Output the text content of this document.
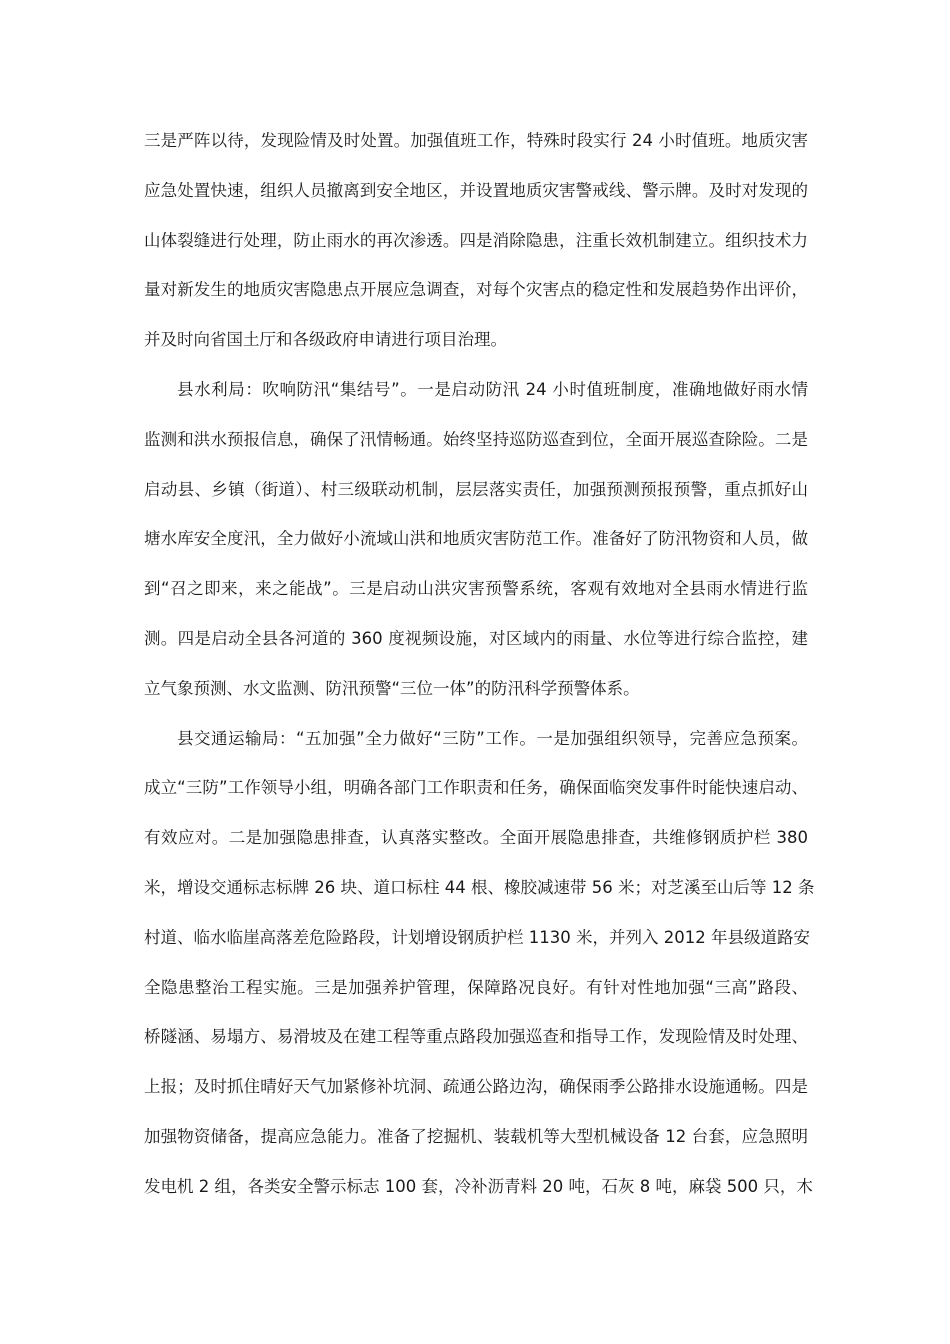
三是严阵以待，发现险情及时处置。加强值班工作，特殊时段实行 24 小时值班。地质灾害
应急处置快速，组织人员撤离到安全地区，并设置地质灾害警戒线、警示牌。及时对发现的
山体裂缝进行处理，防止雨水的再次渗透。四是消除隐患，注重长效机制建立。组织技术力
量对新发生的地质灾害隐患点开展应急调查，对每个灾害点的稳定性和发展趋势作出评价，
并及时向省国土厅和各级政府申请进行项目治理。
县水利局：吹响防汛“集结号”。一是启动防汛 24 小时值班制度，准确地做好雨水情
监测和洪水预报信息，确保了汛情畅通。始终坚持巡防巡查到位，全面开展巡查除险。二是
启动县、乡镇（街道）、村三级联动机制，层层落实责任，加强预测预报预警，重点抓好山
塘水库安全度汛，全力做好小流域山洪和地质灾害防范工作。准备好了防汛物资和人员，做
到“召之即来，来之能战”。三是启动山洪灾害预警系统，客观有效地对全县雨水情进行监
测。四是启动全县各河道的 360 度视频设施，对区域内的雨量、水位等进行综合监控，建
立气象预测、水文监测、防汛预警“三位一体”的防汛科学预警体系。
县交通运输局：“五加强”全力做好“三防”工作。一是加强组织领导，完善应急预案。
成立“三防”工作领导小组，明确各部门工作职责和任务，确保面临突发事件时能快速启动、
有效应对。二是加强隐患排查，认真落实整改。全面开展隐患排查，共维修钢质护栏 380
米，增设交通标志标牌 26 块、道口标柱 44 根、橡胶减速带 56 米；对芝溪至山后等 12 条
村道、临水临崖高落差危险路段，计划增设钢质护栏 1130 米，并列入 2012 年县级道路安
全隐患整治工程实施。三是加强养护管理，保障路况良好。有针对性地加强“三高”路段、
桥隧涵、易塌方、易滑坡及在建工程等重点路段加强巡查和指导工作，发现险情及时处理、
上报；及时抓住晴好天气加紧修补坑洞、疏通公路边沟，确保雨季公路排水设施通畅。四是
加强物资储备，提高应急能力。准备了挖掘机、装载机等大型机械设备 12 台套，应急照明
发电机 2 组，各类安全警示标志 100 套，冷补沥青料 20 吨，石灰 8 吨，麻袋 500 只，木
